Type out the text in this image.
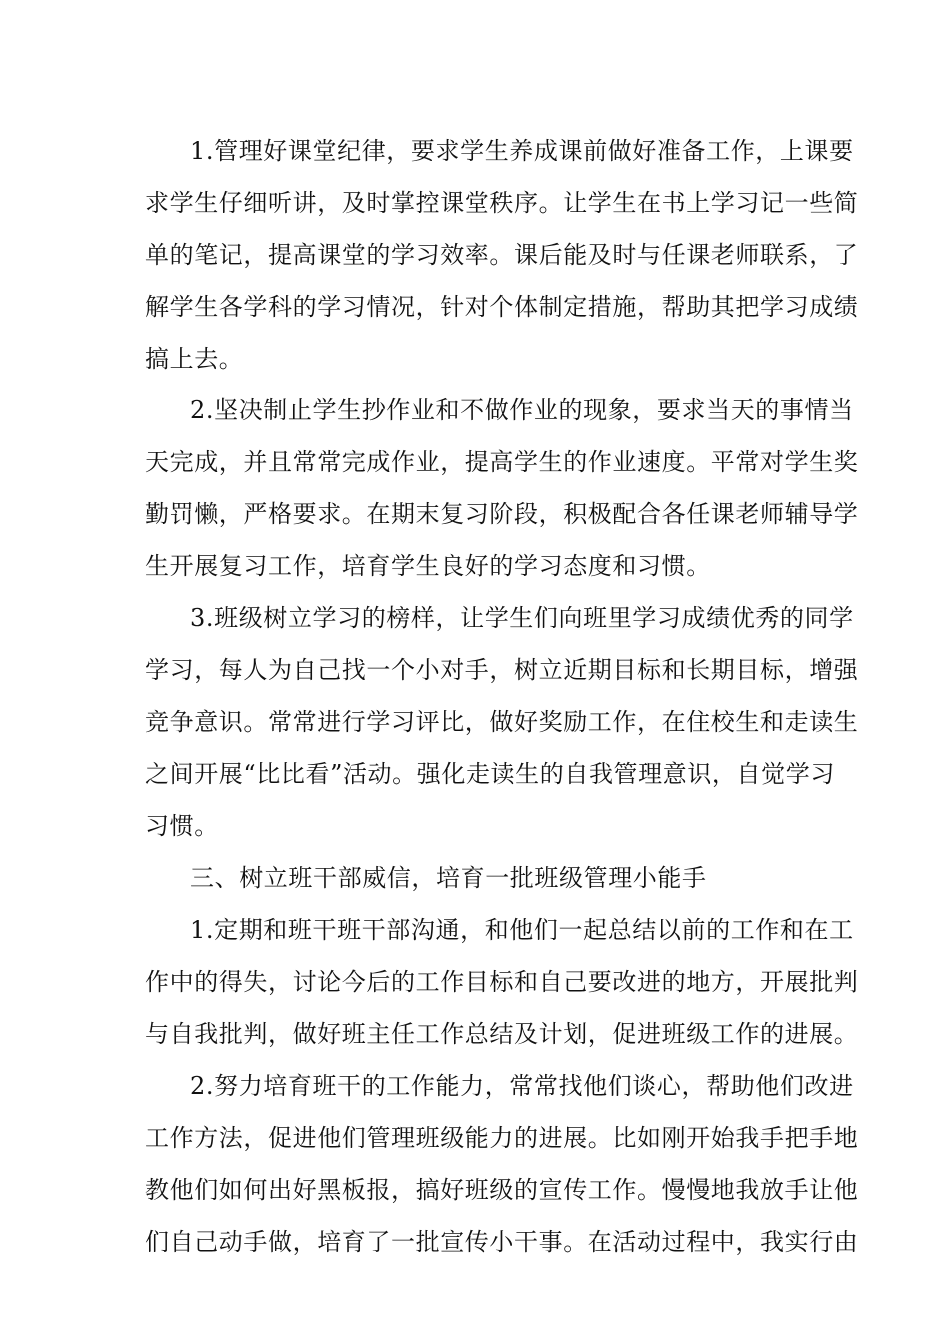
1.管理好课堂纪律，要求学生养成课前做好准备工作，上课要
求学生仔细听讲，及时掌控课堂秩序。让学生在书上学习记一些简
单的笔记，提高课堂的学习效率。课后能及时与任课老师联系，了
解学生各学科的学习情况，针对个体制定措施，帮助其把学习成绩
搞上去。
2.坚决制止学生抄作业和不做作业的现象，要求当天的事情当
天完成，并且常常完成作业，提高学生的作业速度。平常对学生奖
勤罚懒，严格要求。在期末复习阶段，积极配合各任课老师辅导学
生开展复习工作，培育学生良好的学习态度和习惯。
3.班级树立学习的榜样，让学生们向班里学习成绩优秀的同学
学习，每人为自己找一个小对手，树立近期目标和长期目标，增强
竞争意识。常常进行学习评比，做好奖励工作，在住校生和走读生
之间开展“比比看”活动。强化走读生的自我管理意识，自觉学习
习惯。
三、树立班干部威信，培育一批班级管理小能手
1.定期和班干班干部沟通，和他们一起总结以前的工作和在工
作中的得失，讨论今后的工作目标和自己要改进的地方，开展批判
与自我批判，做好班主任工作总结及计划，促进班级工作的进展。
2.努力培育班干的工作能力，常常找他们谈心，帮助他们改进
工作方法，促进他们管理班级能力的进展。比如刚开始我手把手地
教他们如何出好黑板报，搞好班级的宣传工作。慢慢地我放手让他
们自己动手做，培育了一批宣传小干事。在活动过程中，我实行由
